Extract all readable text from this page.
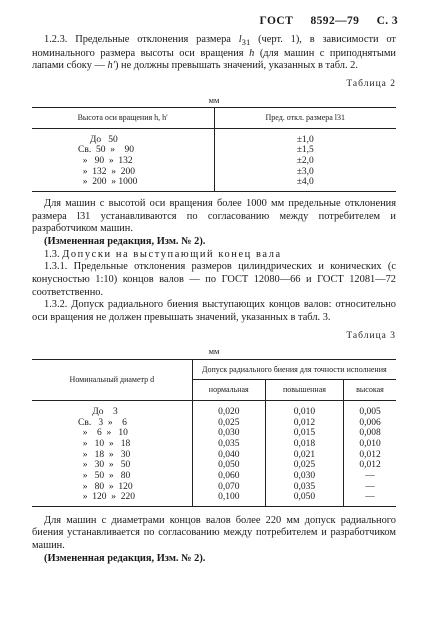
ГОСТ 8592—79 С. 3

1.2.3. Предельные отклонения размера $l_{31}$ (черт. 1), в зависимости от номинального размера высоты оси вращения h (для машин с приподнятыми лапами сбоку — h′) не должны превышать значений, указанных в табл. 2.

Таблица 2
мм
Высота оси вращения h, h′	Пред. откл. размера l31
До   50	±1,0
Св.  50  »    90	±1,5
»   90  »  132	±2,0
»  132  »  200	±3,0
»  200  » 1000	±4,0

Для машин с высотой оси вращения более 1000 мм предельные отклонения размера l31 устанавливаются по согласованию между потребителем и разработчиком машин.

(Измененная редакция, Изм. № 2).

1.3. Допуски на выступающий конец вала

1.3.1. Предельные отклонения размеров цилиндрических и конических (с конусностью 1:10) концов валов — по ГОСТ 12080—66 и ГОСТ 12081—72 соответственно.

1.3.2. Допуск радиального биения выступающих концов валов: относительно оси вращения не должен превышать значений, указанных в табл. 3.

Таблица 3
мм
Номинальный диаметр d	Допуск радиального биения для точности исполнения		
	нормальная	повышенная	высокая
До    3	0,020	0,010	0,005
Св.   3  »    6	0,025	0,012	0,006
»    6  »   10	0,030	0,015	0,008
»   10  »   18	0,035	0,018	0,010
»   18  »   30	0,040	0,021	0,012
»   30  »   50	0,050	0,025	0,012
»   50  »   80	0,060	0,030	—
»   80  »  120	0,070	0,035	—
»  120  »  220	0,100	0,050	—

Для машин с диаметрами концов валов более 220 мм допуск радиального биения устанавливается по согласованию между потребителем и разработчиком машин.

(Измененная редакция, Изм. № 2).
